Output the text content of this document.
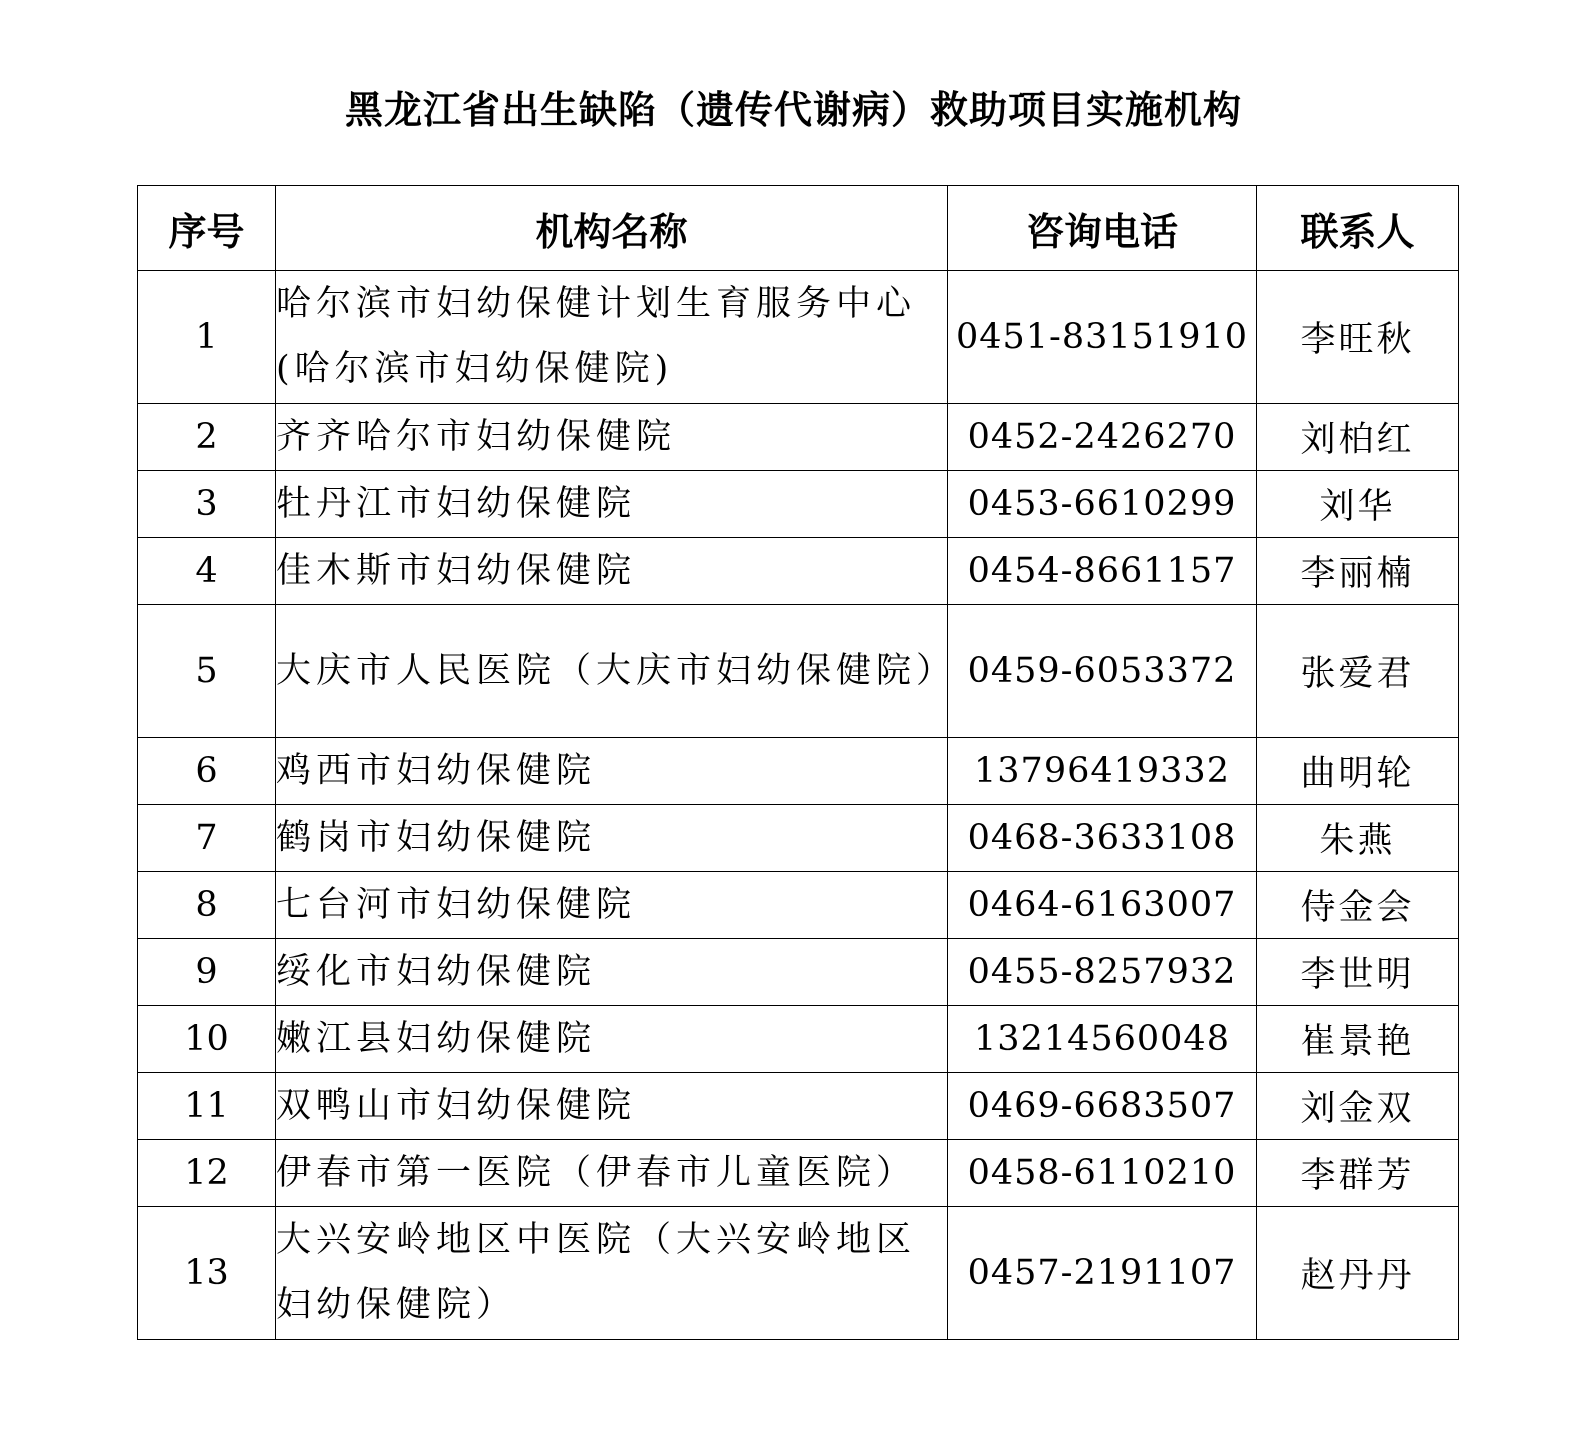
黑龙江省出生缺陷（遗传代谢病）救助项目实施机构
序号	机构名称	咨询电话	联系人
1	哈尔滨市妇幼保健计划生育服务中心(哈尔滨市妇幼保健院)	0451-83151910	李旺秋
2	齐齐哈尔市妇幼保健院	0452-2426270	刘柏红
3	牡丹江市妇幼保健院	0453-6610299	刘华
4	佳木斯市妇幼保健院	0454-8661157	李丽楠
5	大庆市人民医院（大庆市妇幼保健院）	0459-6053372	张爱君
6	鸡西市妇幼保健院	13796419332	曲明轮
7	鹤岗市妇幼保健院	0468-3633108	朱燕
8	七台河市妇幼保健院	0464-6163007	侍金会
9	绥化市妇幼保健院	0455-8257932	李世明
10	嫩江县妇幼保健院	13214560048	崔景艳
11	双鸭山市妇幼保健院	0469-6683507	刘金双
12	伊春市第一医院（伊春市儿童医院）	0458-6110210	李群芳
13	大兴安岭地区中医院（大兴安岭地区妇幼保健院）	0457-2191107	赵丹丹
